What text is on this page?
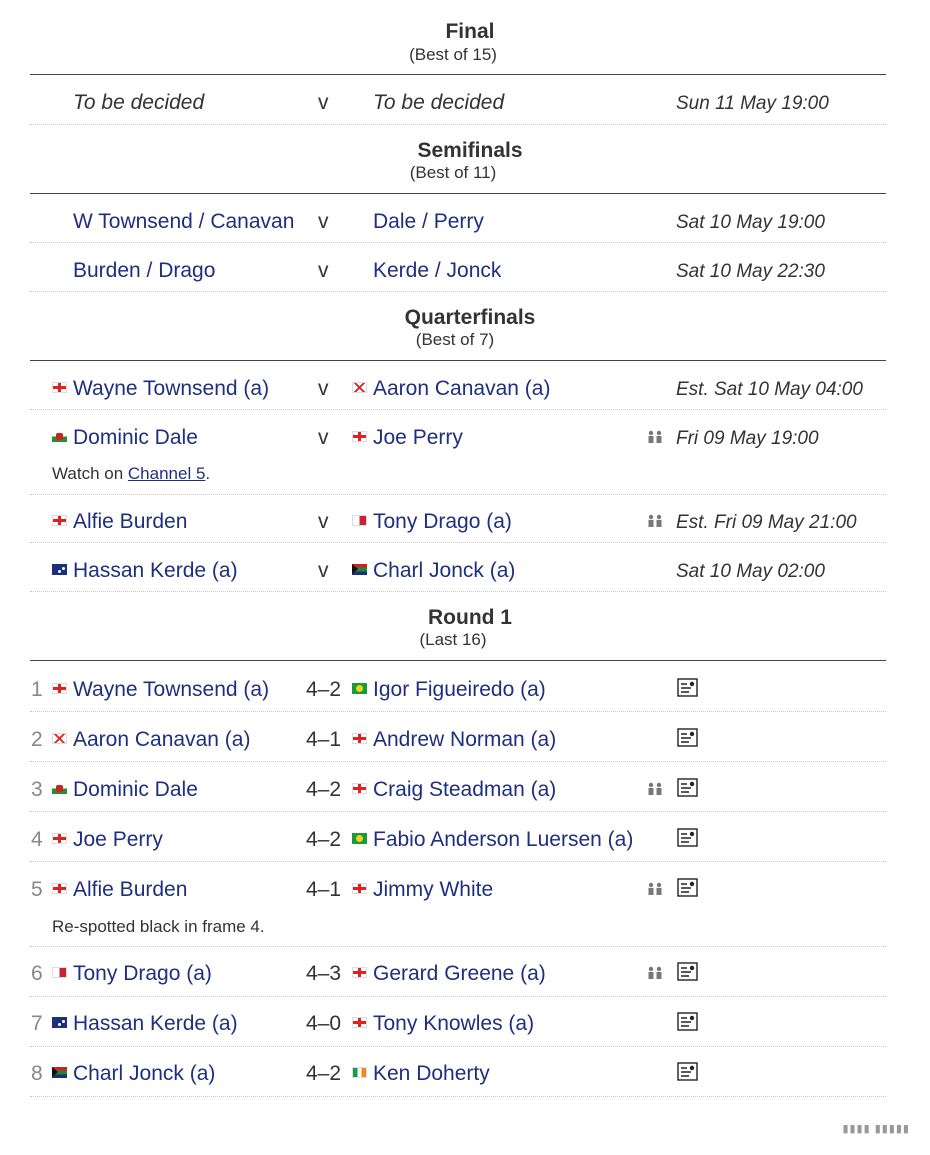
Final
(Best of 15)
To be decided	v To be decided	Sun 11 May 19:00
Semifinals
(Best of 11)
W Townsend / Canavan v Dale / Perry	Sat 10 May 19:00
Burden / Drago	v Kerde / Jonck	Sat 10 May 22:30
Quarterfinals
(Best of 7)
Wayne Townsend (a) v	Aaron Canavan (a)	Est. Sat 10 May 04:00
Dominic Dale	v	Joe Perry	Fri 09 May 19:00
Watch on Channel 5.
Alfie Burden	v	Tony Drago (a)	Est. Fri 09 May 21:00
Hassan Kerde (a)	v	Charl Jonck (a)	Sat 10 May 02:00
Round 1
(Last 16)
1	Wayne Townsend (a) 4–2	Igor Figueiredo (a)
2	Aaron Canavan (a)	4–1	Andrew Norman (a)
3	Dominic Dale	4–2	Craig Steadman (a)
4	Joe Perry	4–2	Fabio Anderson Luersen (a)
5	Alfie Burden	4–1	Jimmy White
Re-spotted black in frame 4.
6	Tony Drago (a)	4–3	Gerard Greene (a)
7	Hassan Kerde (a)	4–0	Tony Knowles (a)
8	Charl Jonck (a)	4–2	Ken Doherty
▮▮▮▮ ▮▮▮▮▮
